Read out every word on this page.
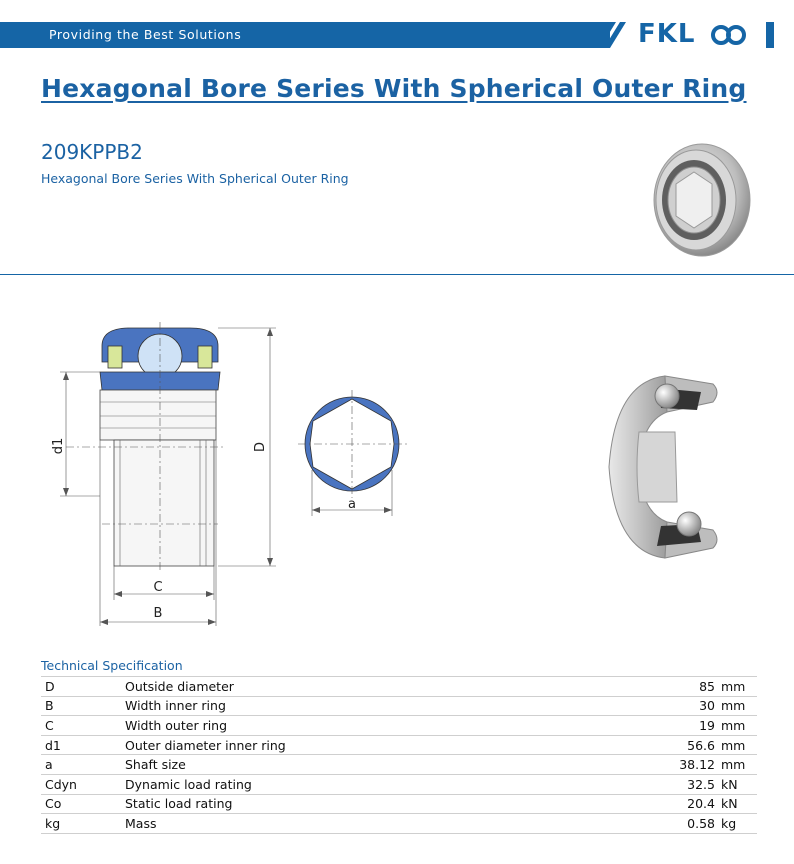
Providing the Best Solutions	FKL
Hexagonal Bore Series With Spherical Outer Ring
209KPPB2
Hexagonal Bore Series With Spherical Outer Ring
D
d1
C
B
a
Technical Specification
D	Outside diameter	85	mm
B	Width inner ring	30	mm
C	Width outer ring	19	mm
d1	Outer diameter inner ring	56.6	mm
a	Shaft size	38.12	mm
Cdyn	Dynamic load rating	32.5	kN
Co	Static load rating	20.4	kN
kg	Mass	0.58	kg
